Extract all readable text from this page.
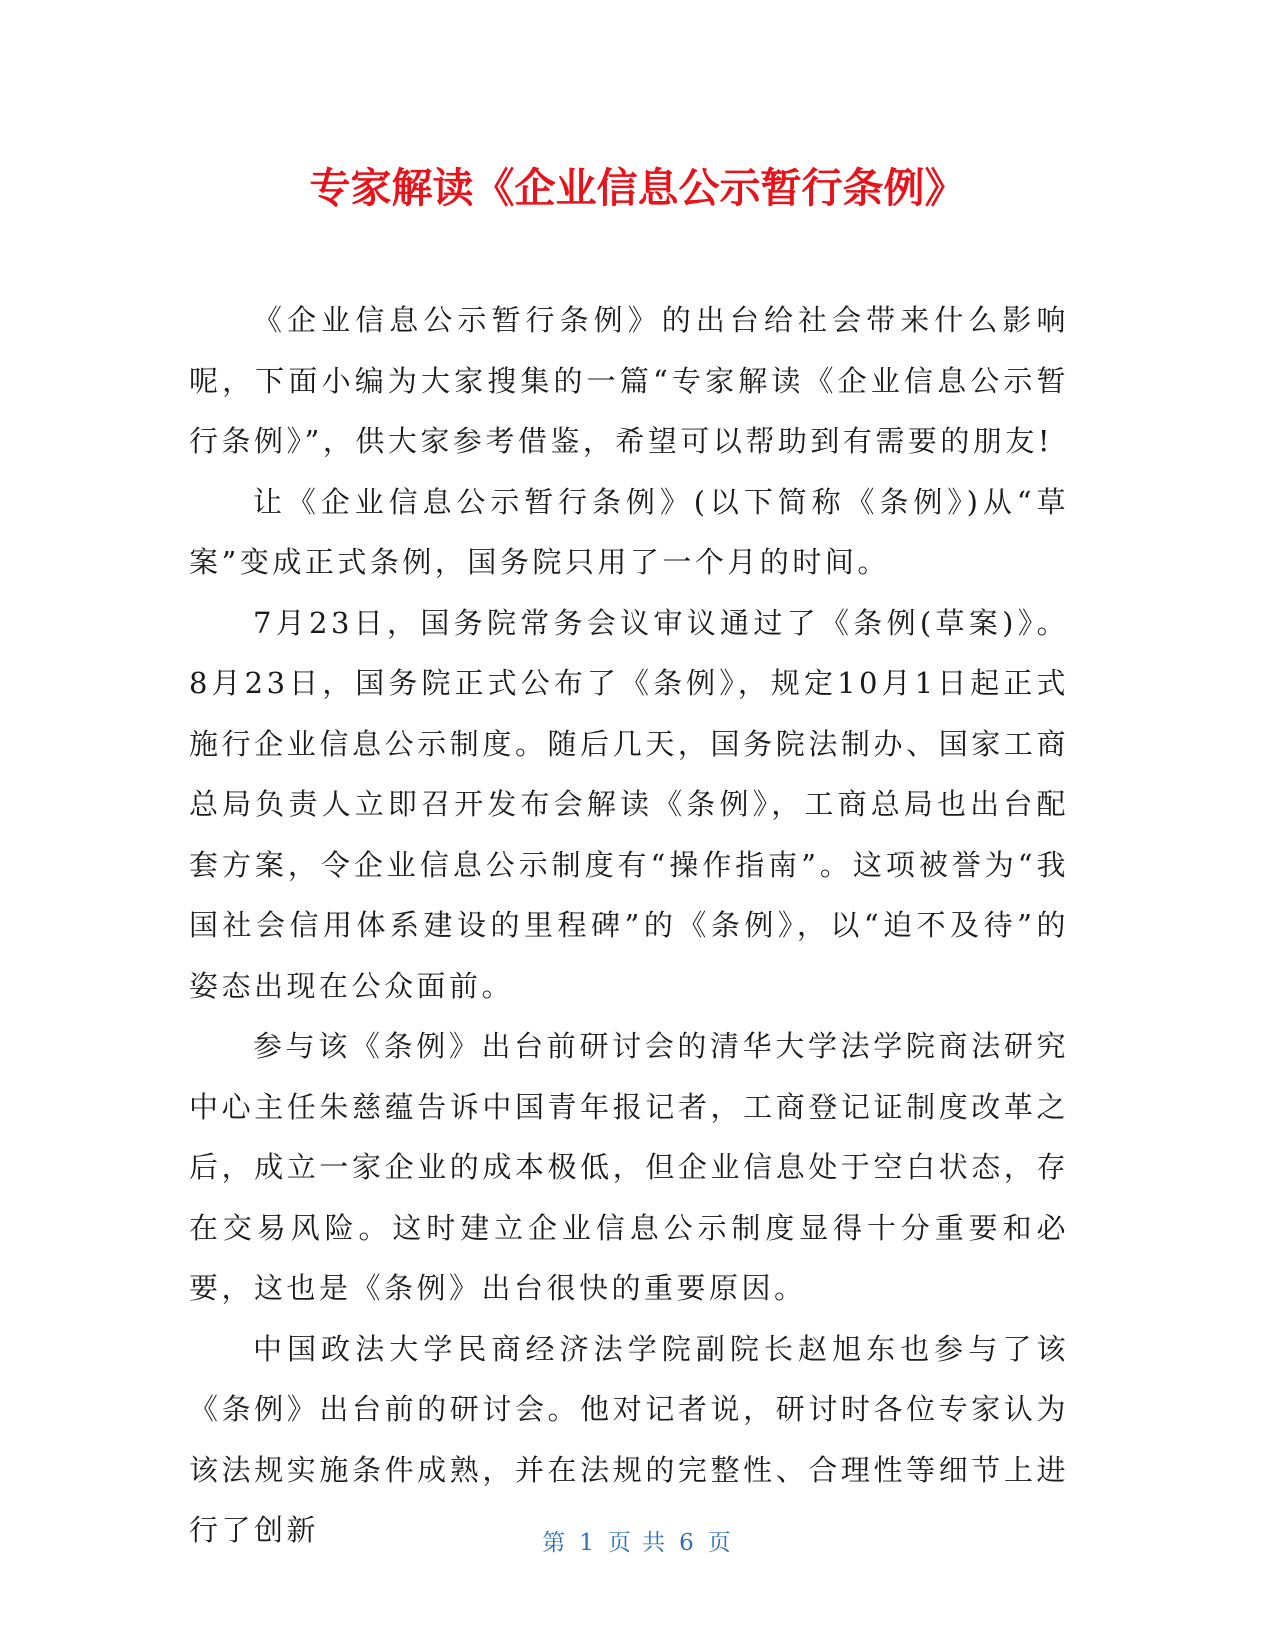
专家解读《企业信息公示暂行条例》

《企业信息公示暂行条例》的出台给社会带来什么影响呢，下面小编为大家搜集的一篇“专家解读《企业信息公示暂行条例》”，供大家参考借鉴，希望可以帮助到有需要的朋友!

让《企业信息公示暂行条例》(以下简称《条例》)从“草案”变成正式条例，国务院只用了一个月的时间。

7月23日，国务院常务会议审议通过了《条例(草案)》。8月23日，国务院正式公布了《条例》，规定10月1日起正式施行企业信息公示制度。随后几天，国务院法制办、国家工商总局负责人立即召开发布会解读《条例》，工商总局也出台配套方案，令企业信息公示制度有“操作指南”。这项被誉为“我国社会信用体系建设的里程碑”的《条例》，以“迫不及待”的姿态出现在公众面前。

参与该《条例》出台前研讨会的清华大学法学院商法研究中心主任朱慈蕴告诉中国青年报记者，工商登记证制度改革之后，成立一家企业的成本极低，但企业信息处于空白状态，存在交易风险。这时建立企业信息公示制度显得十分重要和必要，这也是《条例》出台很快的重要原因。

中国政法大学民商经济法学院副院长赵旭东也参与了该《条例》出台前的研讨会。他对记者说，研讨时各位专家认为该法规实施条件成熟，并在法规的完整性、合理性等细节上进行了创新	第 1 页 共 6 页
